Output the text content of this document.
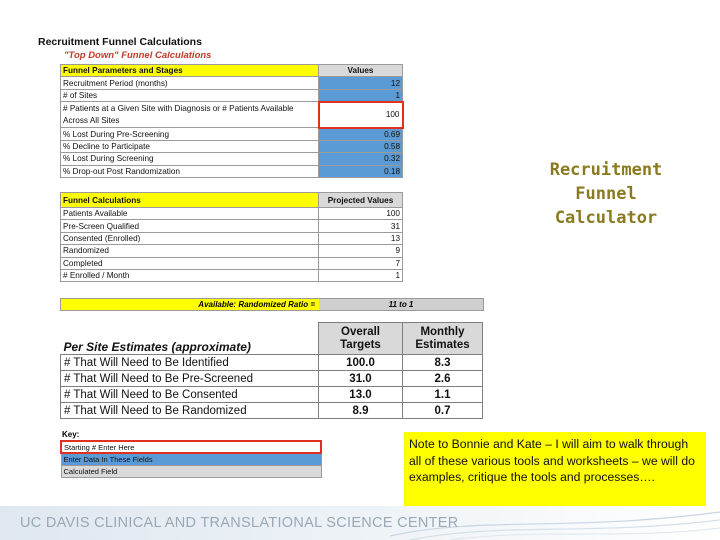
Recruitment Funnel Calculations
"Top Down" Funnel Calculations
Funnel Parameters and Stages	Values
Recruitment Period (months)	12
# of Sites	1
# Patients at a Given Site with Diagnosis or # Patients Available
Across All Sites	100
% Lost During Pre-Screening	0.69
% Decline to Participate	0.58
% Lost During Screening	0.32
% Drop-out Post Randomization	0.18
Funnel Calculations	Projected Values
Patients Available	100
Pre-Screen Qualified	31
Consented (Enrolled)	13
Randomized	9
Completed	7
# Enrolled / Month	1
Available: Randomized Ratio =	11 to 1
Per Site Estimates (approximate)	Overall Targets	Monthly Estimates
# That Will Need to Be Identified	100.0	8.3
# That Will Need to Be Pre-Screened	31.0	2.6
# That Will Need to Be Consented	13.0	1.1
# That Will Need to Be Randomized	8.9	0.7
Key:
Starting # Enter Here
Enter Data In These Fields
Calculated Field
Recruitment
Funnel
Calculator
Note to Bonnie and Kate – I will aim to walk through all of these various tools and worksheets – we will do examples, critique the tools and processes….
UC DAVIS CLINICAL AND TRANSLATIONAL SCIENCE CENTER
